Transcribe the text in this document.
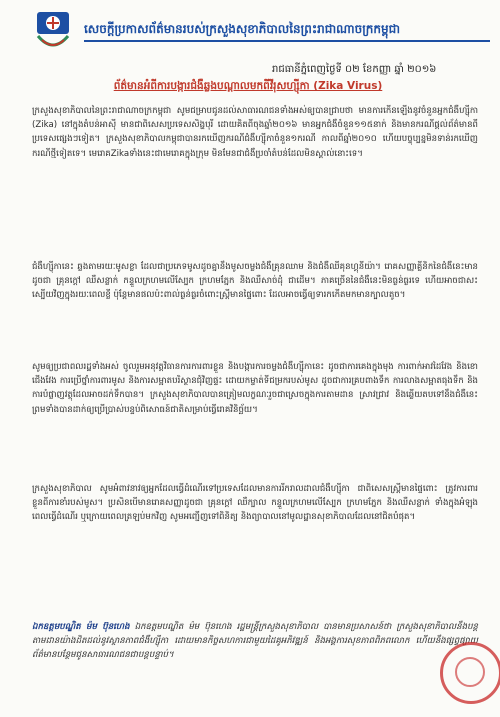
សេចក្តីប្រកាសព័ត៌មានរបស់ក្រសួងសុខាភិបាលនៃព្រះរាជាណាចក្រកម្ពុជា
រាជធានីភ្នំពេញថ្ងៃទី ០២ ខែកញ្ញា ឆ្នាំ ២០១៦
ព័ត៌មានអំពីការបង្ការជំងឺឆ្លងបណ្តាលមកពីវីរុសហ្ស៊ីកា (Zika Virus)
ក្រសួងសុខាភិបាលនៃព្រះរាជាណាចក្រកម្ពុជា សូមជម្រាបជូនដល់សាធារណជនទាំងអស់ឲ្យបានជ្រាបថា មានការកើនឡើងនូវចំនួនអ្នកជំងឺហ្ស៊ីកា (Zika) នៅក្នុងតំបន់អាស៊ី មានជាពិសេសប្រទេសសិង្ហបុរី ដោយគិតពីចុងឆ្នាំ២០១៦ មានអ្នកជំងឺចំនួន១១៥នាក់ និងមានករណីផ្តល់ព័ត៌មានពីប្រទេសផ្សេងៗទៀត។ ក្រសួងសុខាភិបាលកម្ពុជាបានរកឃើញករណីជំងឺហ្ស៊ីកាចំនួន១ករណី កាលពីឆ្នាំ២០១០ ហើយបច្ចុប្បន្នមិនទាន់រកឃើញករណីថ្មីទៀតទេ។ មេរោគZikaទាំងនេះជាមេរោគក្នុងក្រុម មិនមែនជាជំងឺប្រចាំតំបន់ដែលមិនស្គាល់នោះទេ។
ជំងឺហ្ស៊ីកានេះ ឆ្លងតាមរយៈមូសខ្លា ដែលជាប្រភេទមូសដូចគ្នានឹងមូសចម្លងជំងឺគ្រុនឈាម និងជំងឺឈីគុនហ្គុនីយ៉ា។ រោគសញ្ញាគ្លីនិកនៃជំងឺនេះមានដូចជា គ្រុនក្តៅ ឈឺសន្លាក់ កន្ទួលក្រហមលើស្បែក ក្រហមភ្នែក និងឈឺសាច់ដុំ ជាដើម។ ភាគច្រើននៃជំងឺនេះមិនធ្ងន់ធ្ងរទេ ហើយអាចជាសះស្បើយវិញក្នុងរយៈពេលខ្លី ប៉ុន្តែមានផលប៉ះពាល់ធ្ងន់ធ្ងរចំពោះស្ត្រីមានផ្ទៃពោះ ដែលអាចធ្វើឲ្យទារកកើតមកមានក្បាលតូច។
សូមឲ្យប្រជាពលរដ្ឋទាំងអស់ ចូលរួមអនុវត្តវិធានការការពារខ្លួន និងបង្ការការចម្លងជំងឺហ្ស៊ីកានេះ ដូចជាការគេងក្នុងមុង ការពាក់អាវដៃវែង និងខោជើងវែង ការប្រើថ្នាំការពារមូស និងការសម្អាតបរិស្ថានជុំវិញផ្ទះ ដោយកម្ចាត់ទីជម្រករបស់មូស ដូចជាការគ្របពាងទឹក ការលាងសម្អាតធុងទឹក និងការបំផ្លាញវត្ថុដែលអាចដក់ទឹកបាន។ ក្រសួងសុខាភិបាលបានត្រៀមលក្ខណៈរួចជាស្រេចក្នុងការតាមដាន ស្រាវជ្រាវ និងឆ្លើយតបទៅនឹងជំងឺនេះ ព្រមទាំងបានដាក់ឲ្យប្រើប្រាស់បន្ទប់ពិសោធន៍ជាតិសម្រាប់ធ្វើរោគវិនិច្ឆ័យ។
ក្រសួងសុខាភិបាល សូមអំពាវនាវឲ្យអ្នកដែលធ្វើដំណើរទៅប្រទេសដែលមានការរីករាលដាលជំងឺហ្ស៊ីកា ជាពិសេសស្ត្រីមានផ្ទៃពោះ ត្រូវការពារខ្លួនពីការខាំរបស់មូស។ ប្រសិនបើមានរោគសញ្ញាដូចជា គ្រុនក្តៅ ឈឺក្បាល កន្ទួលក្រហមលើស្បែក ក្រហមភ្នែក និងឈឺសន្លាក់ ទាំងក្នុងអំឡុងពេលធ្វើដំណើរ ឬក្រោយពេលត្រឡប់មកវិញ សូមអញ្ជើញទៅពិនិត្យ និងព្យាបាលនៅមូលដ្ឋានសុខាភិបាលដែលនៅជិតបំផុត។
ឯកឧត្តមបណ្ឌិត ម៉ម ប៊ុនហេង ឯកឧត្តមបណ្ឌិត ម៉ម ប៊ុនហេង រដ្ឋមន្ត្រីក្រសួងសុខាភិបាល បានមានប្រសាសន៍ថា ក្រសួងសុខាភិបាលនឹងបន្តតាមដានយ៉ាងដិតដល់នូវស្ថានភាពជំងឺហ្ស៊ីកា ដោយមានកិច្ចសហការជាមួយដៃគូអភិវឌ្ឍន៍ និងអង្គការសុខភាពពិភពលោក ហើយនឹងផ្សព្វផ្សាយព័ត៌មានបន្ថែមជូនសាធារណជនជាបន្តបន្ទាប់។
